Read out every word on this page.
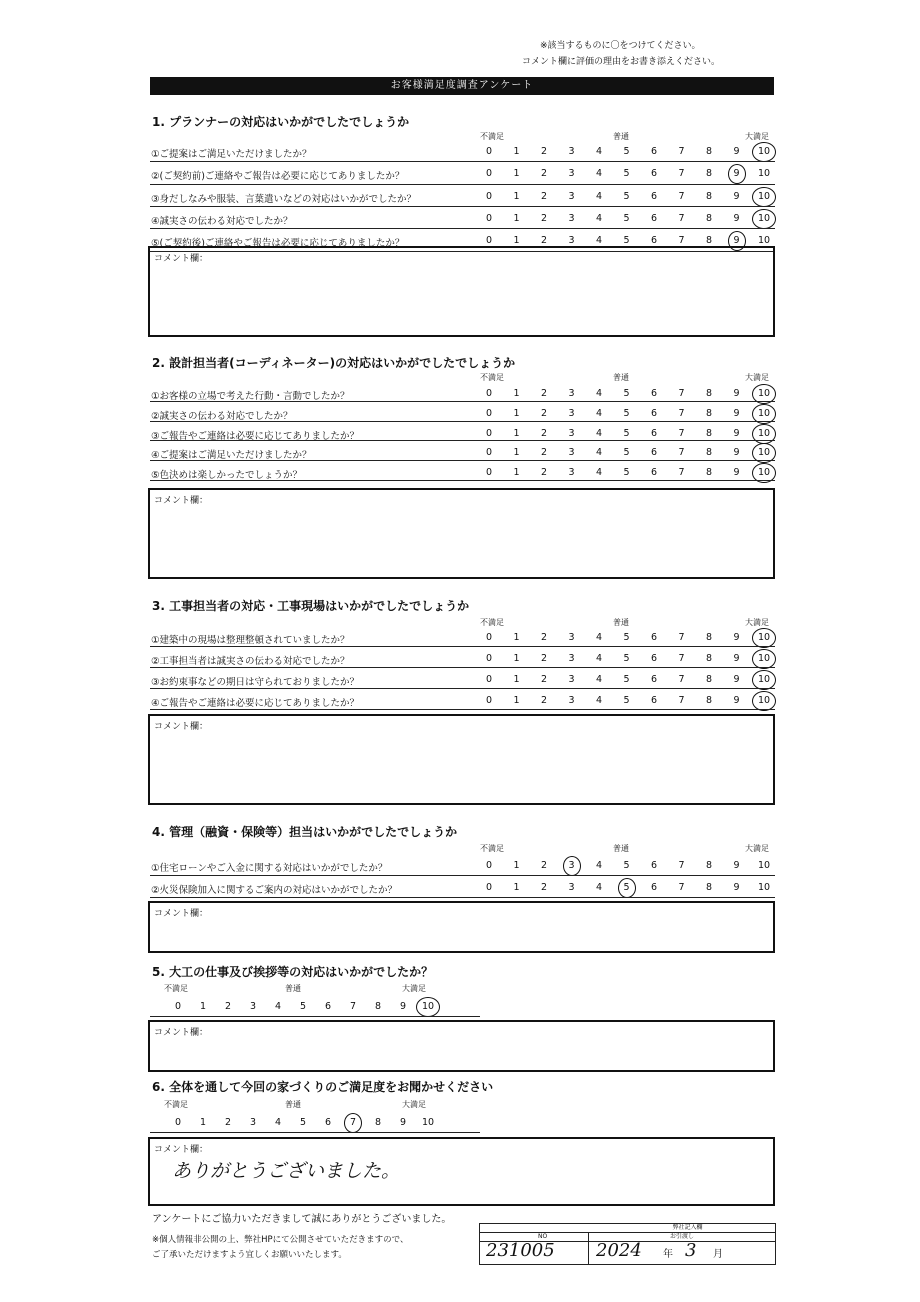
※該当するものに〇をつけてください。
コメント欄に評価の理由をお書き添えください。
お客様満足度調査アンケート
1. プランナーの対応はいかがでしたでしょうか
不満足	普通	大満足
①ご提案はご満足いただけましたか？	0	1	2	3	4	5	6	7	8	9	10
②(ご契約前)ご連絡やご報告は必要に応じてありましたか？	0	1	2	3	4	5	6	7	8	9	10
③身だしなみや服装、言葉遣いなどの対応はいかがでしたか？	0	1	2	3	4	5	6	7	8	9	10
④誠実さの伝わる対応でしたか？	0	1	2	3	4	5	6	7	8	9	10
⑤(ご契約後)ご連絡やご報告は必要に応じてありましたか？	0	1	2	3	4	5	6	7	8	9	10
コメント欄：
2. 設計担当者(コーディネーター)の対応はいかがでしたでしょうか
不満足	普通	大満足
①お客様の立場で考えた行動・言動でしたか？	0	1	2	3	4	5	6	7	8	9	10
②誠実さの伝わる対応でしたか？	0	1	2	3	4	5	6	7	8	9	10
③ご報告やご連絡は必要に応じてありましたか？	0	1	2	3	4	5	6	7	8	9	10
④ご提案はご満足いただけましたか？	0	1	2	3	4	5	6	7	8	9	10
⑤色決めは楽しかったでしょうか？	0	1	2	3	4	5	6	7	8	9	10
コメント欄：
3. 工事担当者の対応・工事現場はいかがでしたでしょうか
不満足	普通	大満足
①建築中の現場は整理整頓されていましたか？	0	1	2	3	4	5	6	7	8	9	10
②工事担当者は誠実さの伝わる対応でしたか？	0	1	2	3	4	5	6	7	8	9	10
③お約束事などの期日は守られておりましたか？	0	1	2	3	4	5	6	7	8	9	10
④ご報告やご連絡は必要に応じてありましたか？	0	1	2	3	4	5	6	7	8	9	10
コメント欄：
4. 管理（融資・保険等）担当はいかがでしたでしょうか
不満足	普通	大満足
①住宅ローンやご入金に関する対応はいかがでしたか？	0	1	2	3	4	5	6	7	8	9	10
②火災保険加入に関するご案内の対応はいかがでしたか？	0	1	2	3	4	5	6	7	8	9	10
コメント欄：
5. 大工の仕事及び挨拶等の対応はいかがでしたか？
不満足	普通	大満足
0	1	2	3	4	5	6	7	8	9	10
コメント欄：
6. 全体を通して今回の家づくりのご満足度をお聞かせください
不満足	普通	大満足
0	1	2	3	4	5	6	7	8	9	10
コメント欄：
ありがとうございました。
アンケートにご協力いただきまして誠にありがとうございました。
※個人情報非公開の上、弊社HPにて公開させていただきますので、
ご了承いただけますよう宜しくお願いいたします。
弊社記入欄
NO	お引渡し
231005 2024 年 3 月
